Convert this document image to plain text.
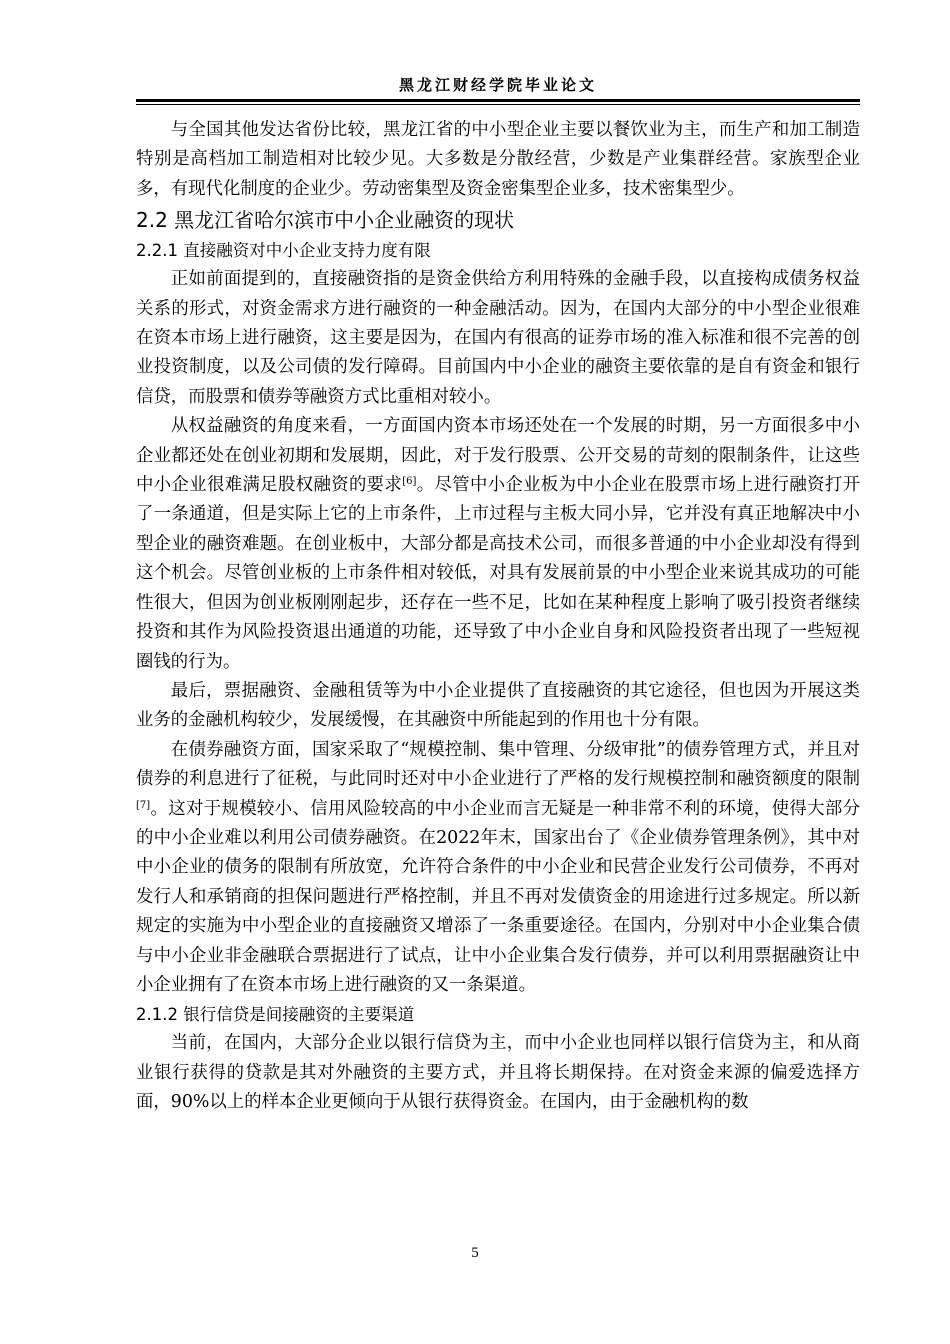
黑龙江财经学院毕业论文

与全国其他发达省份比较，黑龙江省的中小型企业主要以餐饮业为主，而生产和加工制造特别是高档加工制造相对比较少见。大多数是分散经营，少数是产业集群经营。家族型企业多，有现代化制度的企业少。劳动密集型及资金密集型企业多，技术密集型少。

2.2 黑龙江省哈尔滨市中小企业融资的现状
2.2.1 直接融资对中小企业支持力度有限

正如前面提到的，直接融资指的是资金供给方利用特殊的金融手段，以直接构成债务权益关系的形式，对资金需求方进行融资的一种金融活动。因为，在国内大部分的中小型企业很难在资本市场上进行融资，这主要是因为，在国内有很高的证券市场的准入标准和很不完善的创业投资制度，以及公司债的发行障碍。目前国内中小企业的融资主要依靠的是自有资金和银行信贷，而股票和债券等融资方式比重相对较小。

从权益融资的角度来看，一方面国内资本市场还处在一个发展的时期，另一方面很多中小企业都还处在创业初期和发展期，因此，对于发行股票、公开交易的苛刻的限制条件，让这些中小企业很难满足股权融资的要求[6]。尽管中小企业板为中小企业在股票市场上进行融资打开了一条通道，但是实际上它的上市条件，上市过程与主板大同小异，它并没有真正地解决中小型企业的融资难题。在创业板中，大部分都是高技术公司，而很多普通的中小企业却没有得到这个机会。尽管创业板的上市条件相对较低，对具有发展前景的中小型企业来说其成功的可能性很大，但因为创业板刚刚起步，还存在一些不足，比如在某种程度上影响了吸引投资者继续投资和其作为风险投资退出通道的功能，还导致了中小企业自身和风险投资者出现了一些短视圈钱的行为。

最后，票据融资、金融租赁等为中小企业提供了直接融资的其它途径，但也因为开展这类业务的金融机构较少，发展缓慢，在其融资中所能起到的作用也十分有限。

在债券融资方面，国家采取了“规模控制、集中管理、分级审批”的债券管理方式，并且对债券的利息进行了征税，与此同时还对中小企业进行了严格的发行规模控制和融资额度的限制[7]。这对于规模较小、信用风险较高的中小企业而言无疑是一种非常不利的环境，使得大部分的中小企业难以利用公司债券融资。在2022年末，国家出台了《企业债券管理条例》，其中对中小企业的债务的限制有所放宽，允许符合条件的中小企业和民营企业发行公司债券，不再对发行人和承销商的担保问题进行严格控制，并且不再对发债资金的用途进行过多规定。所以新规定的实施为中小型企业的直接融资又增添了一条重要途径。在国内，分别对中小企业集合债与中小企业非金融联合票据进行了试点，让中小企业集合发行债券，并可以利用票据融资让中小企业拥有了在资本市场上进行融资的又一条渠道。

2.1.2 银行信贷是间接融资的主要渠道

当前，在国内，大部分企业以银行信贷为主，而中小企业也同样以银行信贷为主，和从商业银行获得的贷款是其对外融资的主要方式，并且将长期保持。在对资金来源的偏爱选择方面，90%以上的样本企业更倾向于从银行获得资金。在国内，由于金融机构的数

5
